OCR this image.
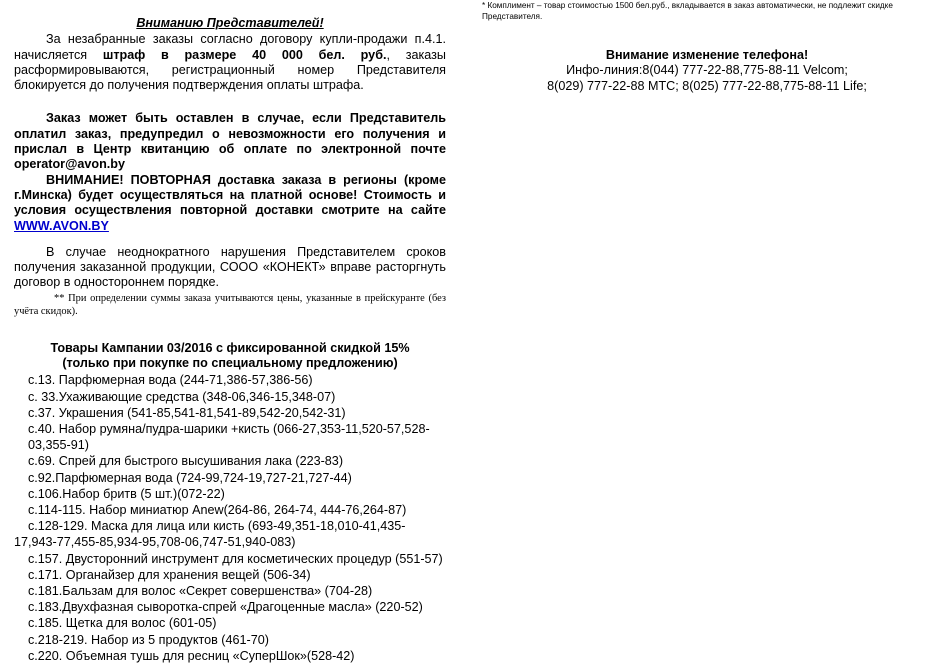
Вниманию Представителей!

За незабранные заказы согласно договору купли-продажи п.4.1. начисляется штраф в размере 40 000 бел. руб., заказы расформировываются, регистрационный номер Представителя блокируется до получения подтверждения оплаты штрафа.

Заказ может быть оставлен в случае, если Представитель оплатил заказ, предупредил о невозможности его получения и прислал в Центр квитанцию об оплате по электронной почте operator@avon.by

ВНИМАНИЕ! ПОВТОРНАЯ доставка заказа в регионы (кроме г.Минска) будет осуществляться на платной основе! Стоимость и условия осуществления повторной доставки смотрите на сайте WWW.AVON.BY

В случае неоднократного нарушения Представителем сроков получения заказанной продукции, СООО «КОНЕКТ» вправе расторгнуть договор в одностороннем порядке.

** При определении суммы заказа учитываются цены, указанные в прейскуранте (без учёта скидок).

Товары Кампании 03/2016 с фиксированной скидкой 15%
(только при покупке по специальному предложению)
с.13. Парфюмерная вода (244-71,386-57,386-56)
с. 33.Ухаживающие средства (348-06,346-15,348-07)
с.37. Украшения (541-85,541-81,541-89,542-20,542-31)
с.40. Набор румяна/пудра-шарики +кисть (066-27,353-11,520-57,528-03,355-91)
с.69. Спрей для быстрого высушивания лака (223-83)
с.92.Парфюмерная вода (724-99,724-19,727-21,727-44)
с.106.Набор бритв (5 шт.)(072-22)
с.114-115. Набор миниатюр Anew(264-86, 264-74, 444-76,264-87)
с.128-129. Маска для лица или кисть (693-49,351-18,010-41,435-17,943-77,455-85,934-95,708-06,747-51,940-083)
с.157. Двусторонний инструмент для косметических процедур (551-57)
с.171. Органайзер для хранения вещей (506-34)
с.181.Бальзам для волос «Секрет совершенства» (704-28)
с.183.Двухфазная сыворотка-спрей «Драгоценные масла» (220-52)
с.185. Щетка для волос (601-05)
с.218-219. Набор из 5 продуктов (461-70)
с.220. Объемная тушь для ресниц «СуперШок»(528-42)

* Комплимент – товар стоимостью 1500 бел.руб., вкладывается в заказ автоматически, не подлежит скидке Представителя.

Внимание изменение телефона!
Инфо-линия:8(044) 777-22-88,775-88-11 Velcom;
8(029) 777-22-88 МТС; 8(025) 777-22-88,775-88-11 Life;
